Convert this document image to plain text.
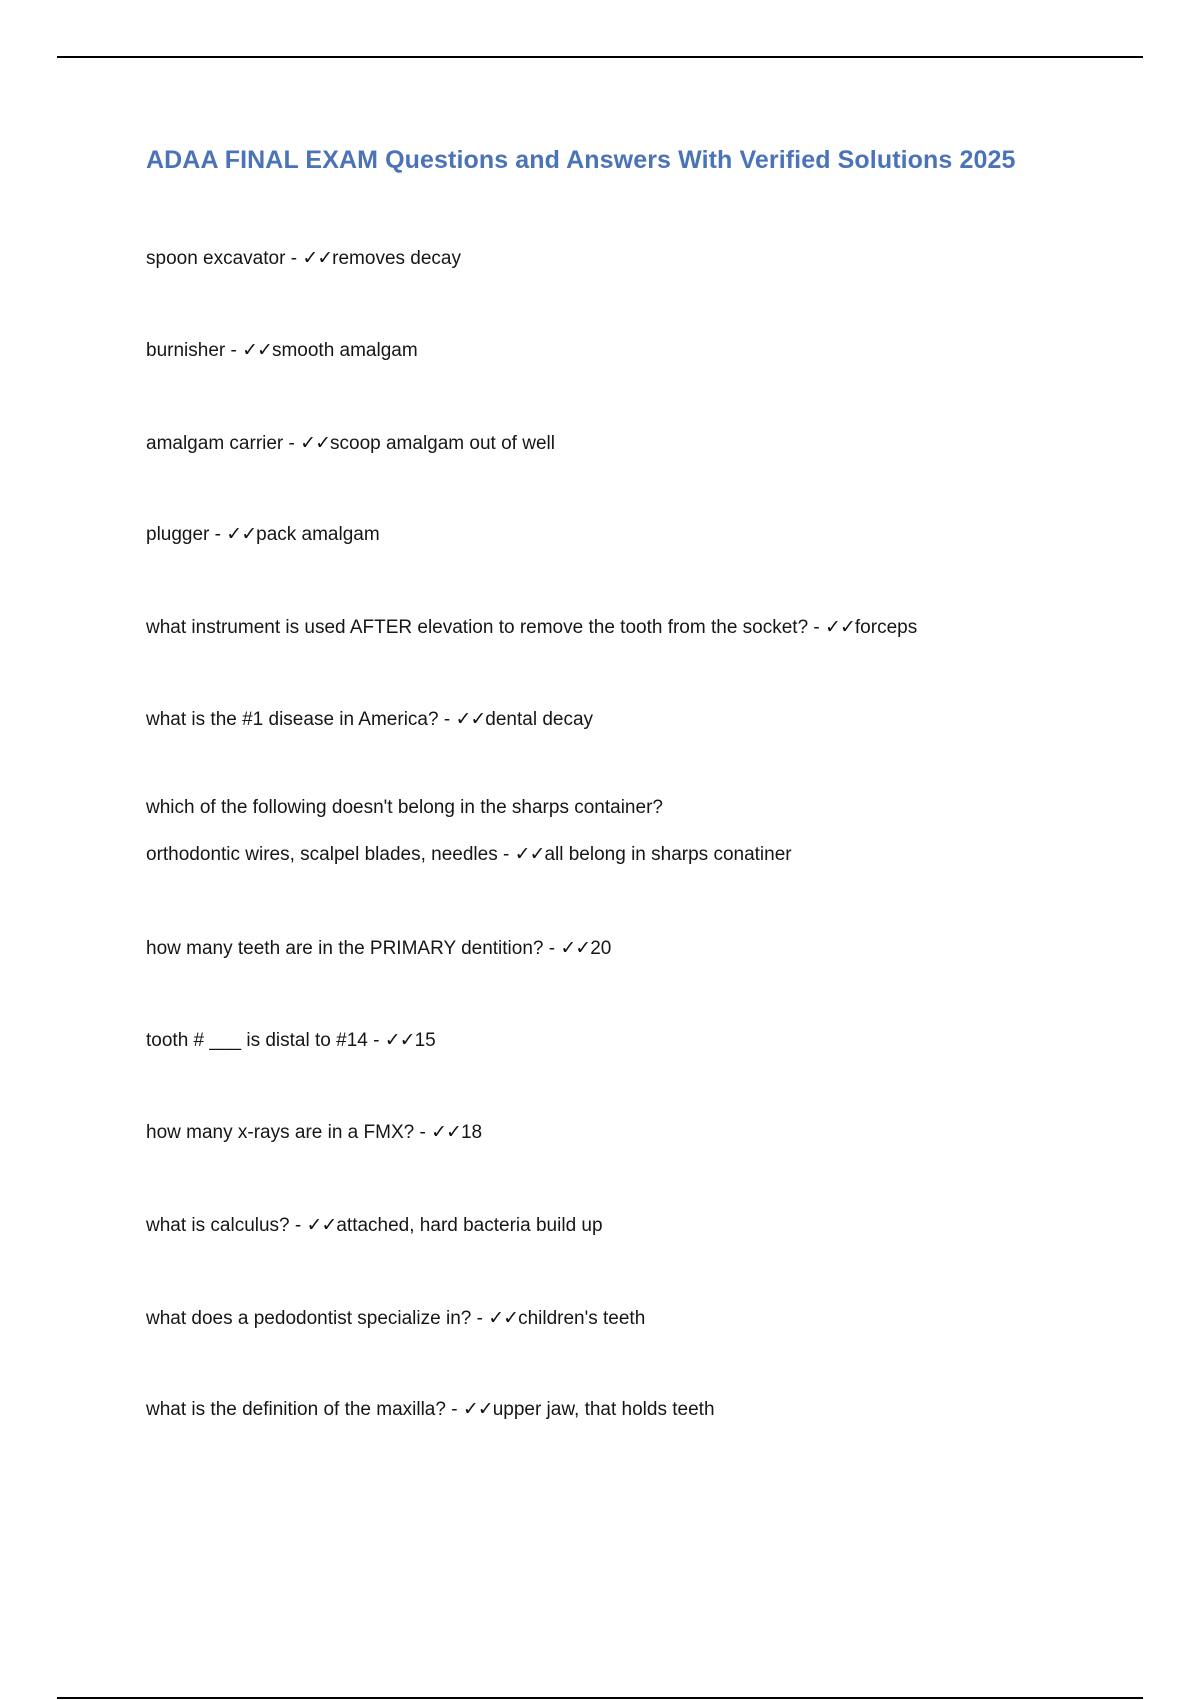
ADAA FINAL EXAM Questions and Answers With Verified Solutions 2025

spoon excavator - ✓✓removes decay

burnisher - ✓✓smooth amalgam

amalgam carrier - ✓✓scoop amalgam out of well

plugger - ✓✓pack amalgam

what instrument is used AFTER elevation to remove the tooth from the socket? - ✓✓forceps

what is the #1 disease in America? - ✓✓dental decay

which of the following doesn't belong in the sharps container?

orthodontic wires, scalpel blades, needles - ✓✓all belong in sharps conatiner

how many teeth are in the PRIMARY dentition? - ✓✓20

tooth # ___ is distal to #14 - ✓✓15

how many x-rays are in a FMX? - ✓✓18

what is calculus? - ✓✓attached, hard bacteria build up

what does a pedodontist specialize in? - ✓✓children's teeth

what is the definition of the maxilla? - ✓✓upper jaw, that holds teeth
